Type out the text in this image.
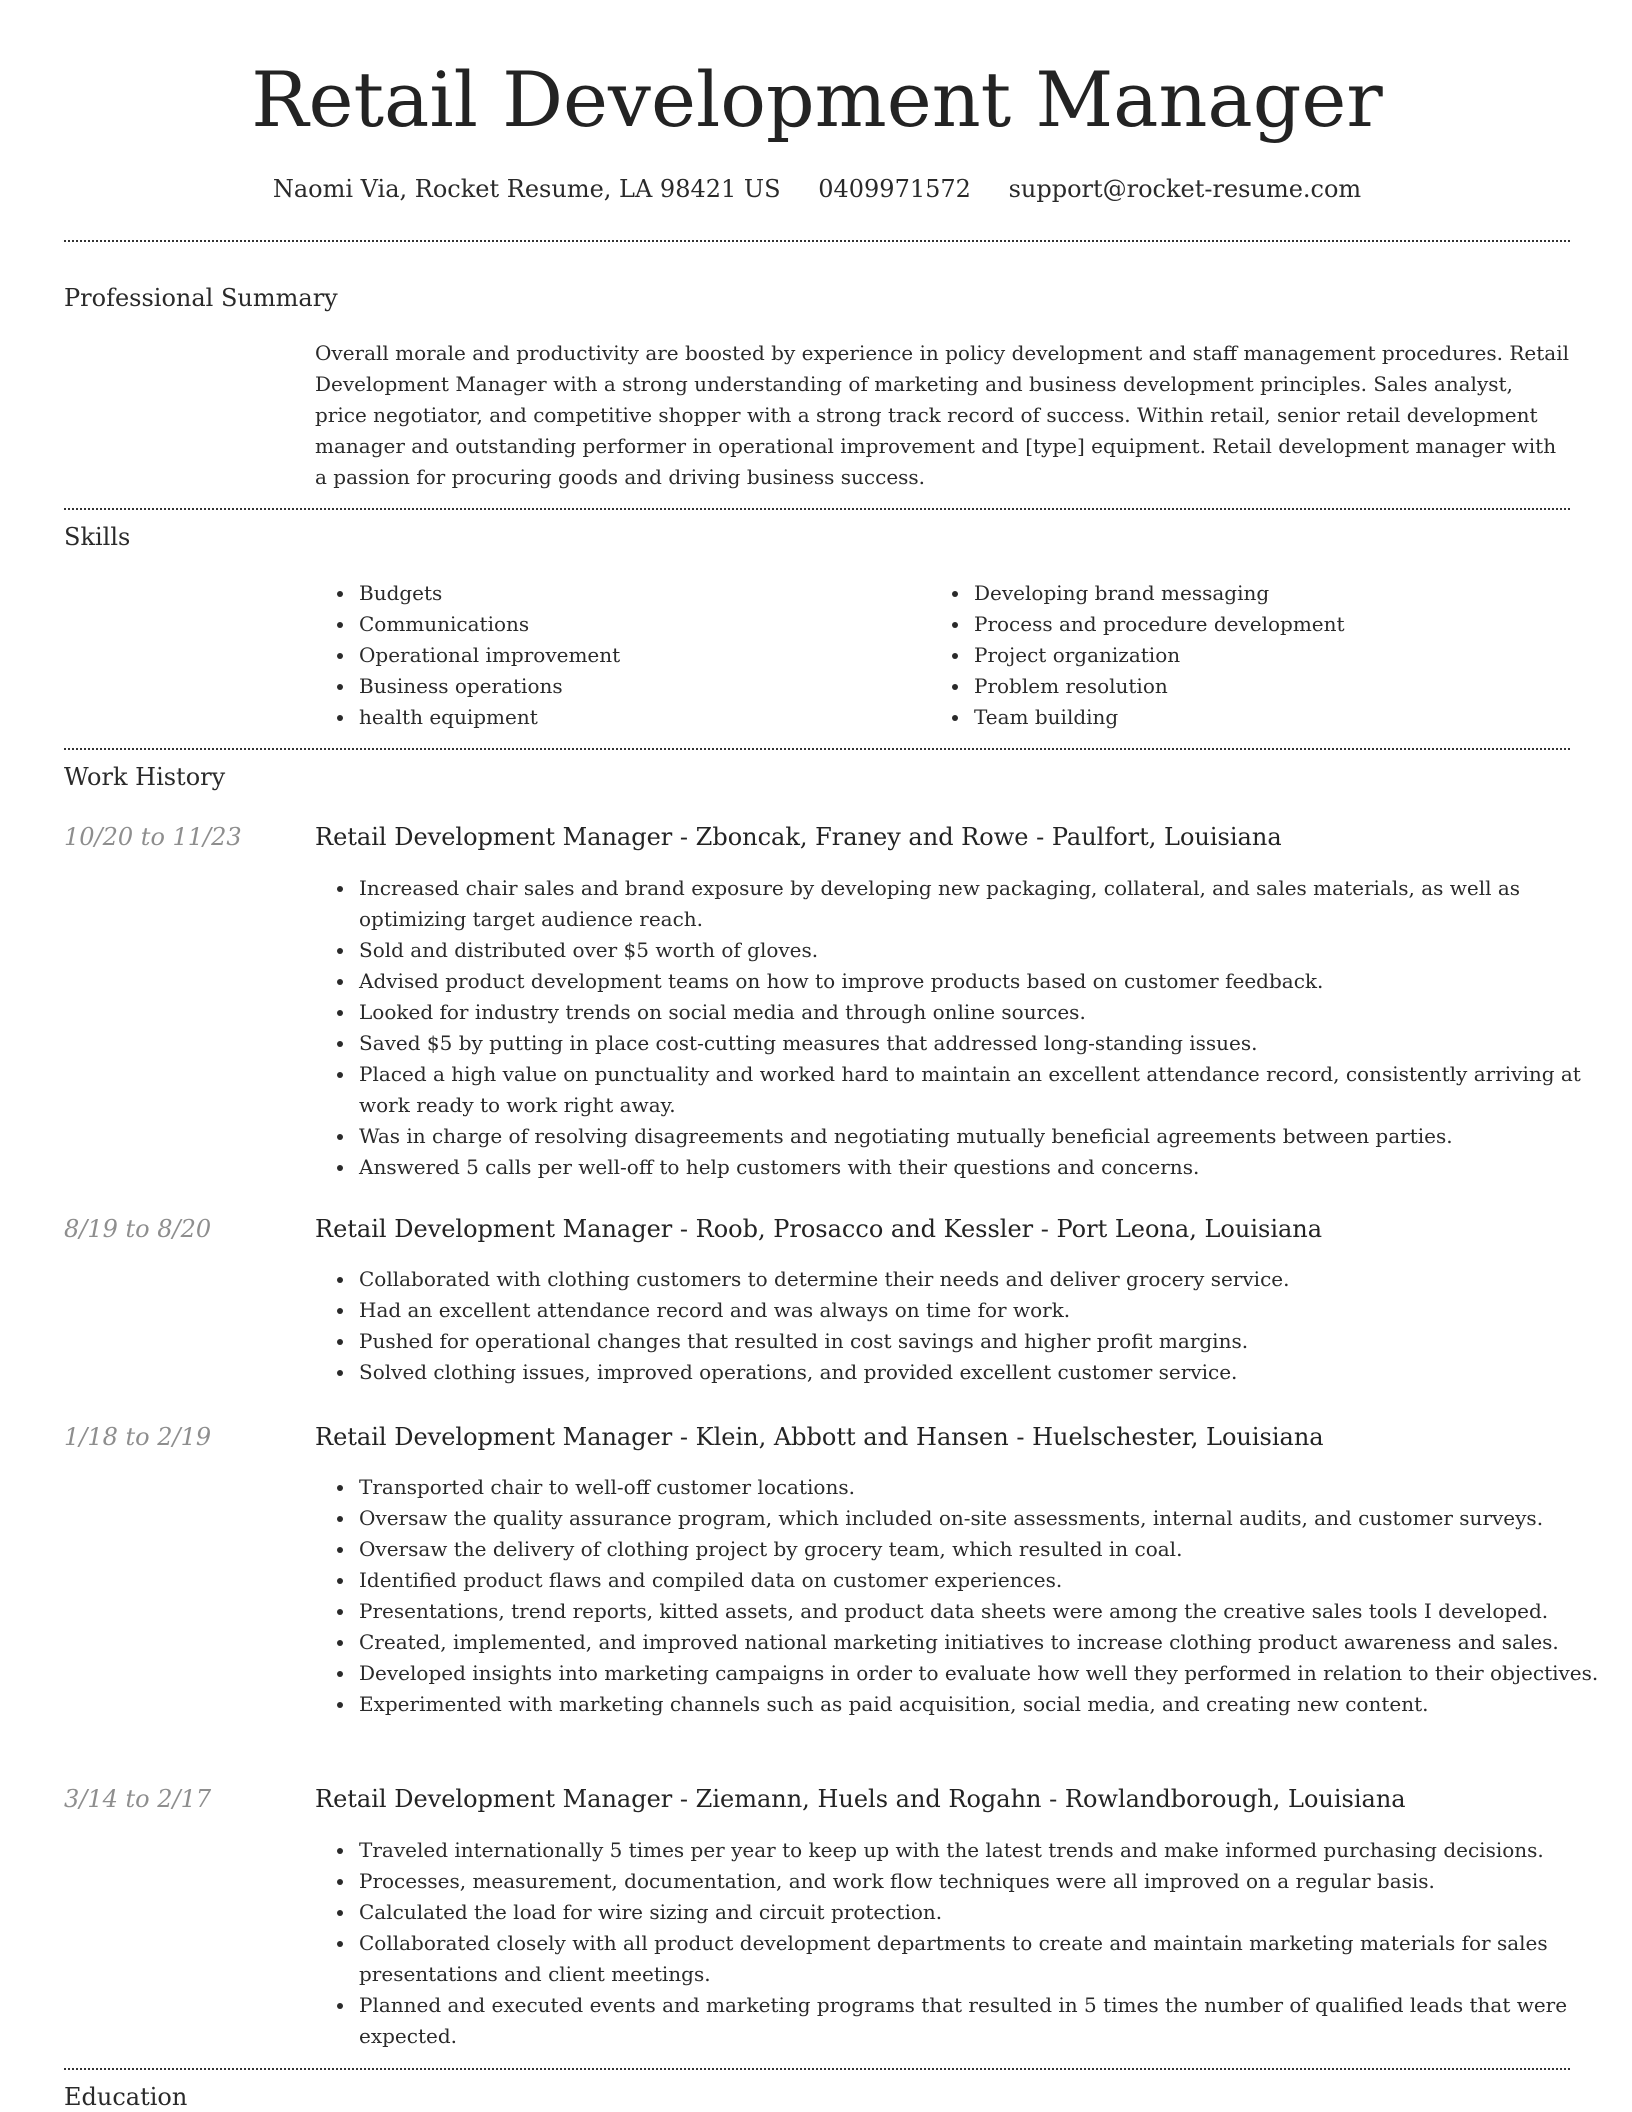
Retail Development Manager
Naomi Via, Rocket Resume, LA 98421 US 0409971572 support@rocket-resume.com
Professional Summary

Overall morale and productivity are boosted by experience in policy development and staff management procedures. Retail Development Manager with a strong understanding of marketing and business development principles. Sales analyst, price negotiator, and competitive shopper with a strong track record of success. Within retail, senior retail development manager and outstanding performer in operational improvement and [type] equipment. Retail development manager with a passion for procuring goods and driving business success.

Skills
Budgets
Communications
Operational improvement
Business operations
health equipment
Developing brand messaging
Process and procedure development
Project organization
Problem resolution
Team building
Work History
10/20 to 11/23	Retail Development Manager - Zboncak, Franey and Rowe - Paulfort, Louisiana
Increased chair sales and brand exposure by developing new packaging, collateral, and sales materials, as well as optimizing target audience reach.
Sold and distributed over $5 worth of gloves.
Advised product development teams on how to improve products based on customer feedback.
Looked for industry trends on social media and through online sources.
Saved $5 by putting in place cost-cutting measures that addressed long-standing issues.
Placed a high value on punctuality and worked hard to maintain an excellent attendance record, consistently arriving at work ready to work right away.
Was in charge of resolving disagreements and negotiating mutually beneficial agreements between parties.
Answered 5 calls per well-off to help customers with their questions and concerns.
8/19 to 8/20	Retail Development Manager - Roob, Prosacco and Kessler - Port Leona, Louisiana
Collaborated with clothing customers to determine their needs and deliver grocery service.
Had an excellent attendance record and was always on time for work.
Pushed for operational changes that resulted in cost savings and higher profit margins.
Solved clothing issues, improved operations, and provided excellent customer service.
1/18 to 2/19	Retail Development Manager - Klein, Abbott and Hansen - Huelschester, Louisiana
Transported chair to well-off customer locations.
Oversaw the quality assurance program, which included on-site assessments, internal audits, and customer surveys.
Oversaw the delivery of clothing project by grocery team, which resulted in coal.
Identified product flaws and compiled data on customer experiences.
Presentations, trend reports, kitted assets, and product data sheets were among the creative sales tools I developed.
Created, implemented, and improved national marketing initiatives to increase clothing product awareness and sales.
Developed insights into marketing campaigns in order to evaluate how well they performed in relation to their objectives.
Experimented with marketing channels such as paid acquisition, social media, and creating new content.
3/14 to 2/17	Retail Development Manager - Ziemann, Huels and Rogahn - Rowlandborough, Louisiana
Traveled internationally 5 times per year to keep up with the latest trends and make informed purchasing decisions.
Processes, measurement, documentation, and work flow techniques were all improved on a regular basis.
Calculated the load for wire sizing and circuit protection.
Collaborated closely with all product development departments to create and maintain marketing materials for sales presentations and client meetings.
Planned and executed events and marketing programs that resulted in 5 times the number of qualified leads that were expected.
Education
